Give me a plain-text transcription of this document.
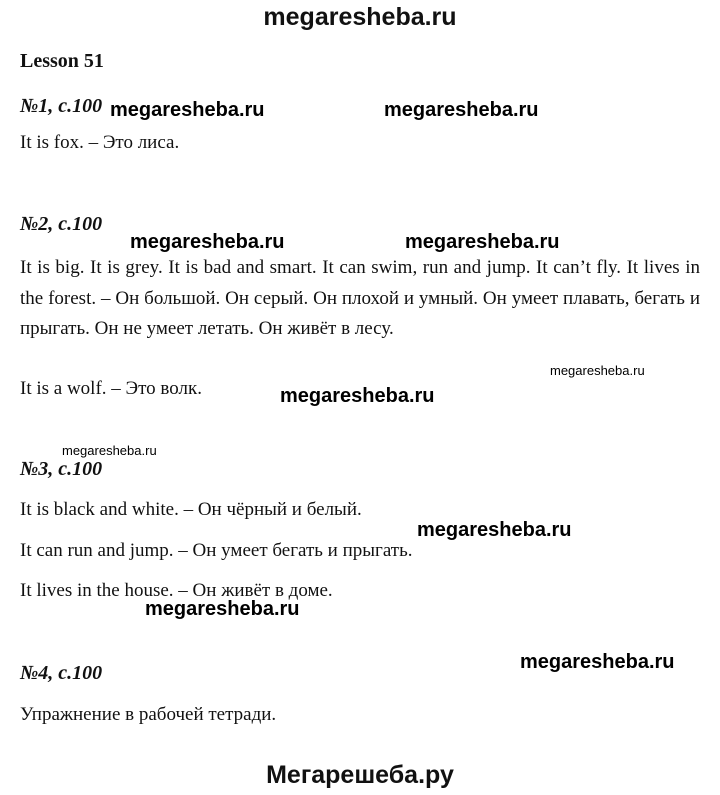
megaresheba.ru
Lesson 51
№1, с.100
It is fox. – Это лиса.
№2, с.100
It is big. It is grey. It is bad and smart. It can swim, run and jump. It can’t fly. It lives in the forest. – Он большой. Он серый. Он плохой и умный. Он умеет плавать, бегать и прыгать. Он не умеет летать. Он живёт в лесу.
It is a wolf. – Это волк.
№3, с.100
It is black and white. – Он чёрный и белый.
It can run and jump. – Он умеет бегать и прыгать.
It lives in the house. – Он живёт в доме.
№4, с.100
Упражнение в рабочей тетради.
megaresheba.ru	megaresheba.ru
megaresheba.ru	megaresheba.ru
megaresheba.ru
megaresheba.ru
megaresheba.ru
megaresheba.ru
megaresheba.ru
megaresheba.ru
Мегарешеба.ру
